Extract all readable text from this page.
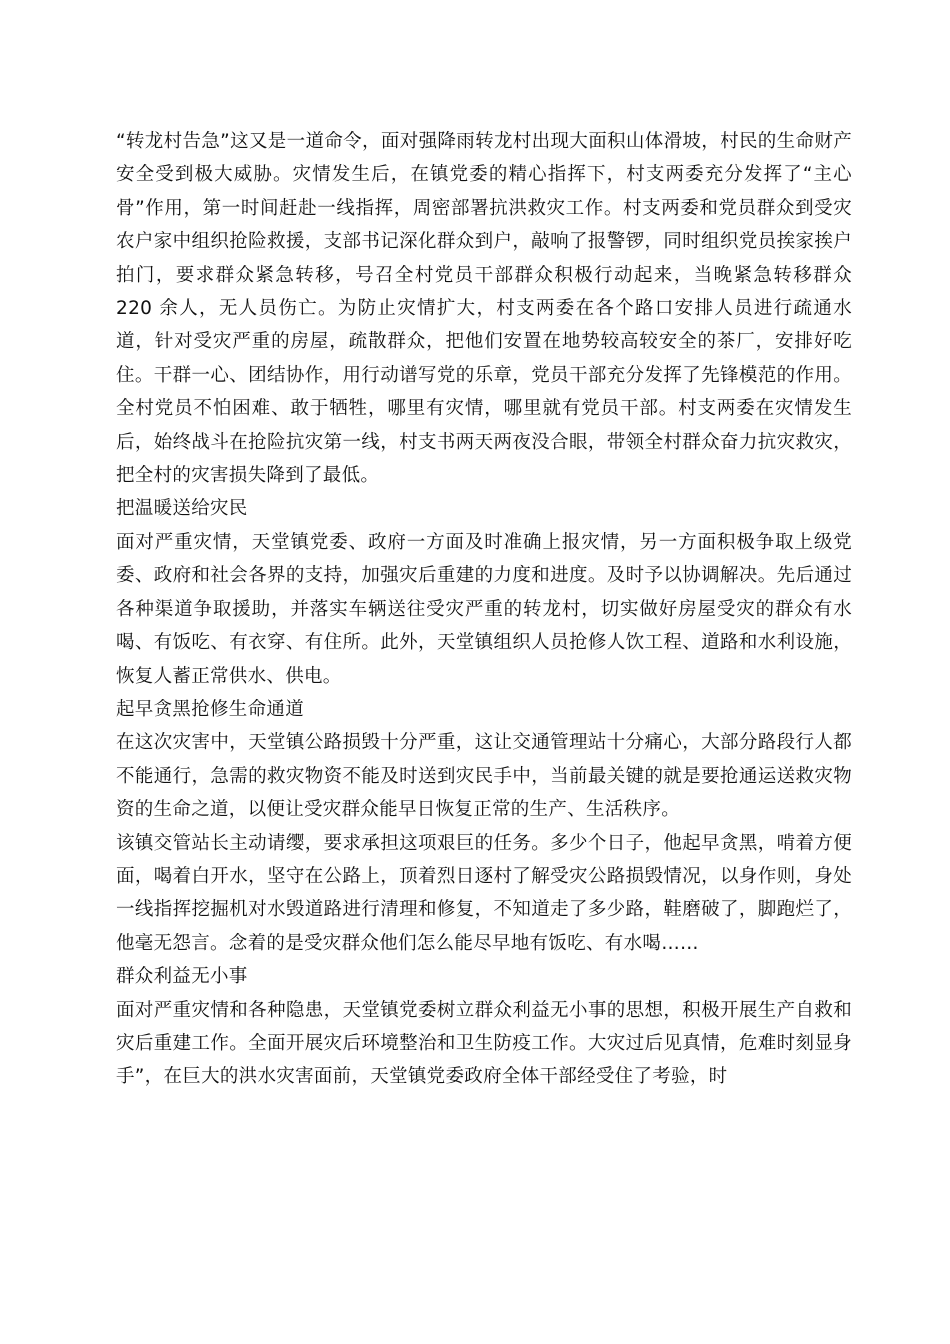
“转龙村告急”这又是一道命令，面对强降雨转龙村出现大面积山体滑坡，村民的生命财产安全受到极大威胁。灾情发生后，在镇党委的精心指挥下，村支两委充分发挥了“主心骨”作用，第一时间赶赴一线指挥，周密部署抗洪救灾工作。村支两委和党员群众到受灾农户家中组织抢险救援，支部书记深化群众到户，敲响了报警锣，同时组织党员挨家挨户拍门，要求群众紧急转移，号召全村党员干部群众积极行动起来，当晚紧急转移群众 220 余人，无人员伤亡。为防止灾情扩大，村支两委在各个路口安排人员进行疏通水道，针对受灾严重的房屋，疏散群众，把他们安置在地势较高较安全的茶厂，安排好吃住。干群一心、团结协作，用行动谱写党的乐章，党员干部充分发挥了先锋模范的作用。全村党员不怕困难、敢于牺牲，哪里有灾情，哪里就有党员干部。村支两委在灾情发生后，始终战斗在抢险抗灾第一线，村支书两天两夜没合眼，带领全村群众奋力抗灾救灾，把全村的灾害损失降到了最低。

把温暖送给灾民

面对严重灾情，天堂镇党委、政府一方面及时准确上报灾情，另一方面积极争取上级党委、政府和社会各界的支持，加强灾后重建的力度和进度。及时予以协调解决。先后通过各种渠道争取援助，并落实车辆送往受灾严重的转龙村，切实做好房屋受灾的群众有水喝、有饭吃、有衣穿、有住所。此外，天堂镇组织人员抢修人饮工程、道路和水利设施，恢复人蓄正常供水、供电。

起早贪黑抢修生命通道

在这次灾害中，天堂镇公路损毁十分严重，这让交通管理站十分痛心，大部分路段行人都不能通行，急需的救灾物资不能及时送到灾民手中，当前最关键的就是要抢通运送救灾物资的生命之道，以便让受灾群众能早日恢复正常的生产、生活秩序。

该镇交管站长主动请缨，要求承担这项艰巨的任务。多少个日子，他起早贪黑，啃着方便面，喝着白开水，坚守在公路上，顶着烈日逐村了解受灾公路损毁情况，以身作则，身处一线指挥挖掘机对水毁道路进行清理和修复，不知道走了多少路，鞋磨破了，脚跑烂了，他毫无怨言。念着的是受灾群众他们怎么能尽早地有饭吃、有水喝……

群众利益无小事

面对严重灾情和各种隐患，天堂镇党委树立群众利益无小事的思想，积极开展生产自救和灾后重建工作。全面开展灾后环境整治和卫生防疫工作。大灾过后见真情，危难时刻显身手”，在巨大的洪水灾害面前，天堂镇党委政府全体干部经受住了考验，时
